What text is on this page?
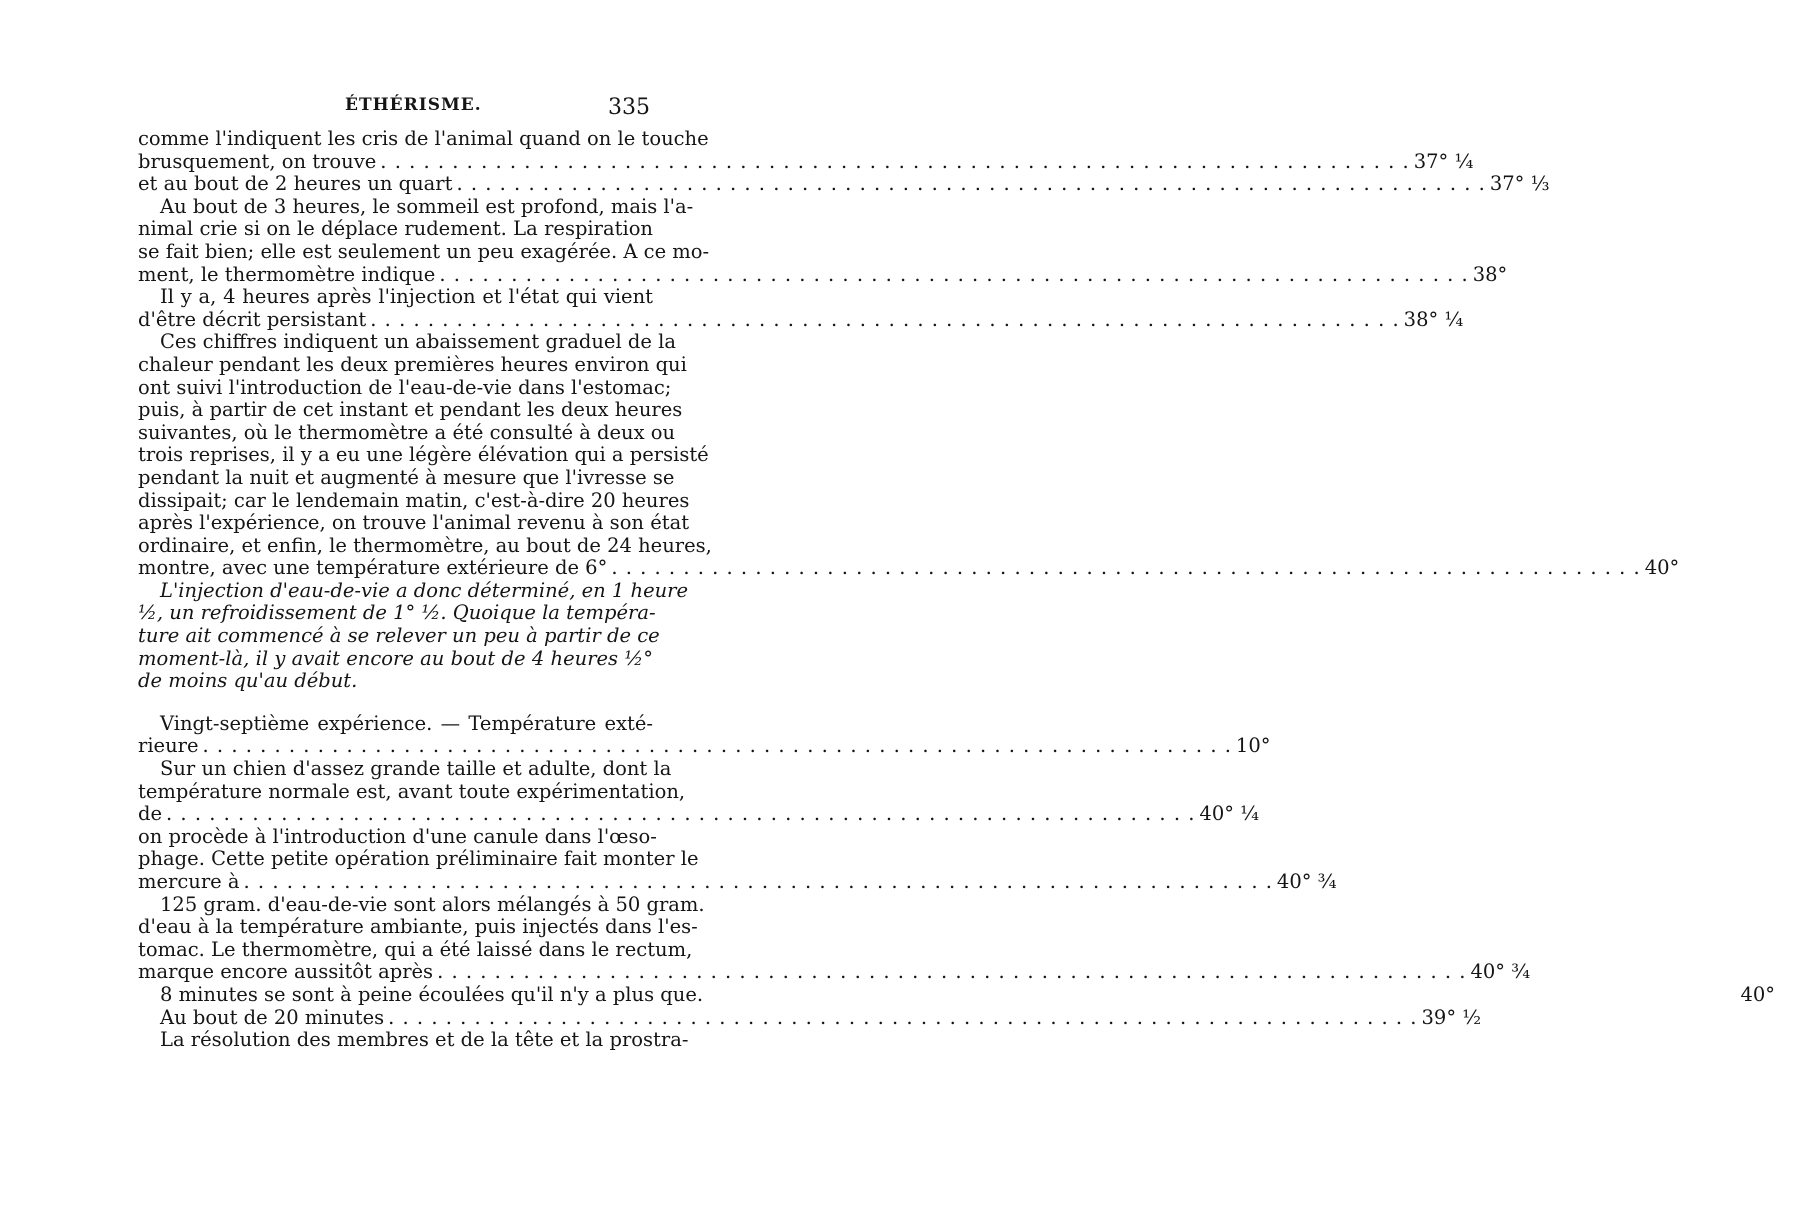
ÉTHÉRISME.	335
comme l'indiquent les cris de l'animal quand on le touche
brusquement, on trouve . . .	37° ¼
et au bout de 2 heures un quart . . .	37° ⅓
Au bout de 3 heures, le sommeil est profond, mais l'a-
nimal crie si on le déplace rudement. La respiration
se fait bien; elle est seulement un peu exagérée. A ce mo-
ment, le thermomètre indique . . .	38°
Il y a, 4 heures après l'injection et l'état qui vient
d'être décrit persistant . . .	38° ¼
Ces chiffres indiquent un abaissement graduel de la
chaleur pendant les deux premières heures environ qui
ont suivi l'introduction de l'eau-de-vie dans l'estomac;
puis, à partir de cet instant et pendant les deux heures
suivantes, où le thermomètre a été consulté à deux ou
trois reprises, il y a eu une légère élévation qui a persisté
pendant la nuit et augmenté à mesure que l'ivresse se
dissipait; car le lendemain matin, c'est-à-dire 20 heures
après l'expérience, on trouve l'animal revenu à son état
ordinaire, et enfin, le thermomètre, au bout de 24 heures,
montre, avec une température extérieure de 6° . . .	40°
L'injection d'eau-de-vie a donc déterminé, en 1 heure
½, un refroidissement de 1° ½. Quoique la tempéra-
ture ait commencé à se relever un peu à partir de ce
moment-là, il y avait encore au bout de 4 heures ½°
de moins qu'au début.
Vingt-septième expérience. — Température exté-
rieure . . .	10°
Sur un chien d'assez grande taille et adulte, dont la
température normale est, avant toute expérimentation,
de . . .	40° ¼
on procède à l'introduction d'une canule dans l'œso-
phage. Cette petite opération préliminaire fait monter le
mercure à . . .	40° ¾
125 gram. d'eau-de-vie sont alors mélangés à 50 gram.
d'eau à la température ambiante, puis injectés dans l'es-
tomac. Le thermomètre, qui a été laissé dans le rectum,
marque encore aussitôt après . . .	40° ¾
8 minutes se sont à peine écoulées qu'il n'y a plus que.	40°
Au bout de 20 minutes . . .	39° ½
La résolution des membres et de la tête et la prostra-
